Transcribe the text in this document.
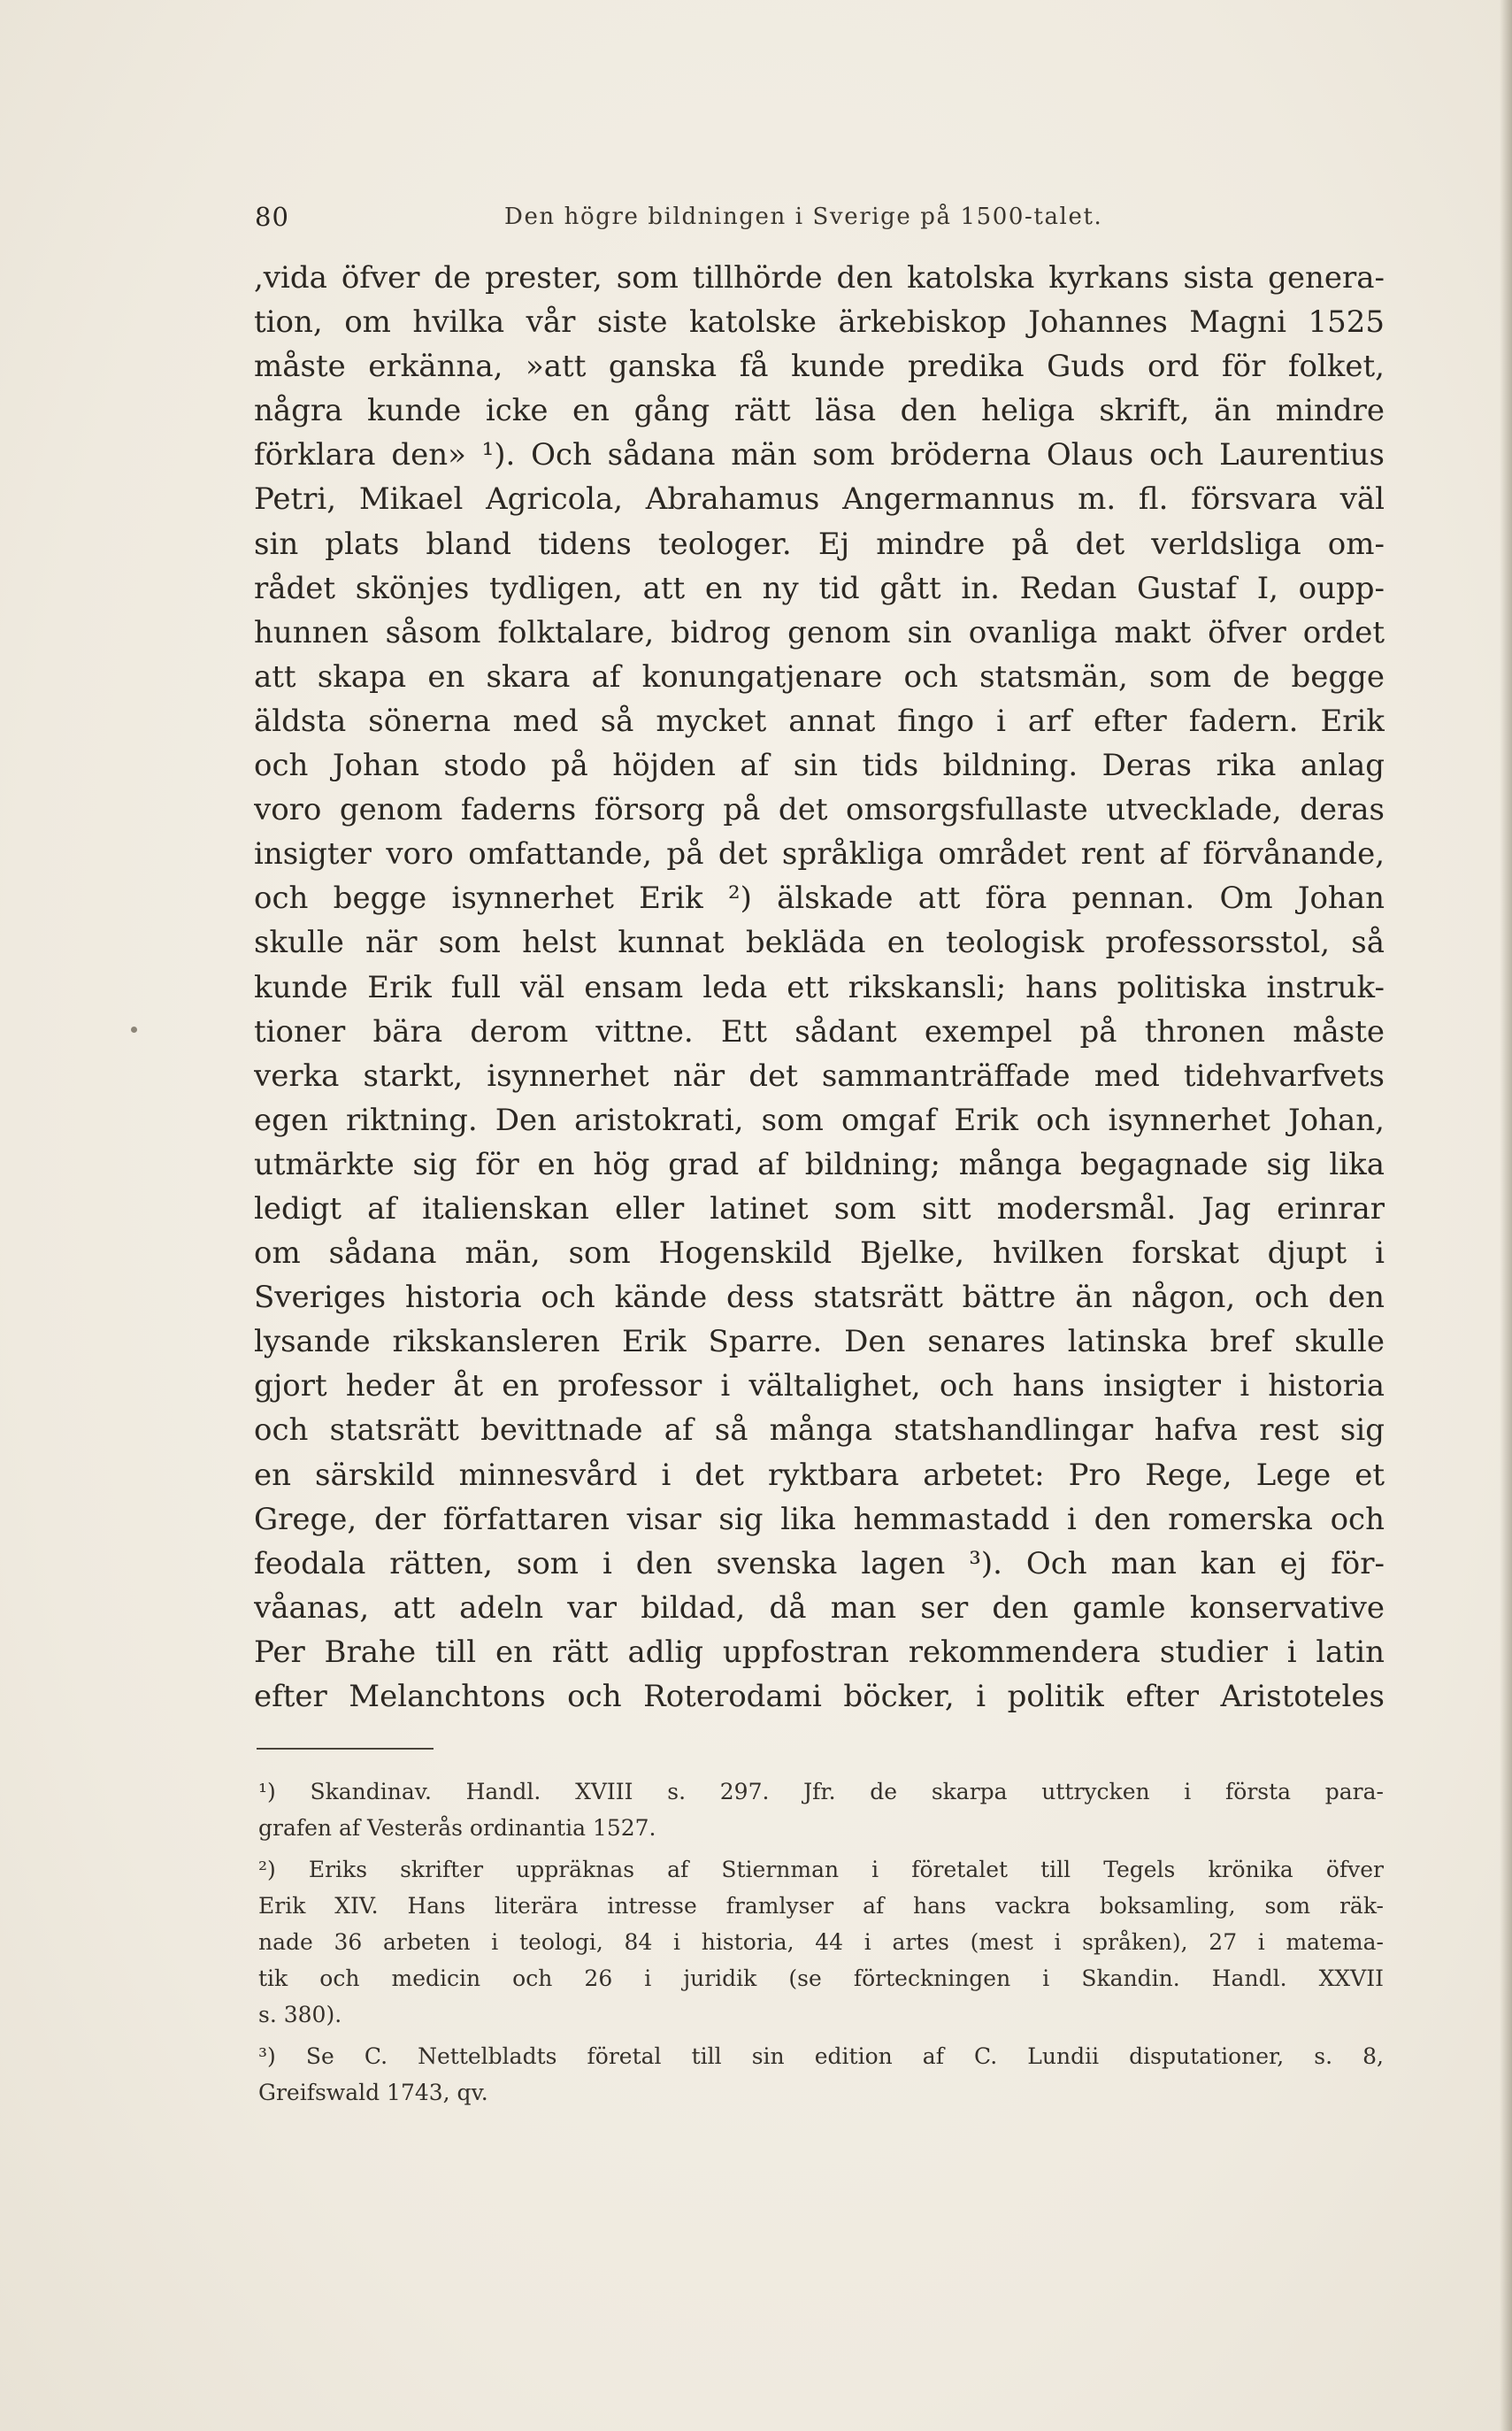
80	Den högre bildningen i Sverige på 1500-talet.
,vida öfver de prester, som tillhörde den katolska kyrkans sista genera-
tion, om hvilka vår siste katolske ärkebiskop Johannes Magni 1525
måste erkänna, »att ganska få kunde predika Guds ord för folket,
några kunde icke en gång rätt läsa den heliga skrift, än mindre
förklara den» ¹). Och sådana män som bröderna Olaus och Laurentius
Petri, Mikael Agricola, Abrahamus Angermannus m. fl. försvara väl
sin plats bland tidens teologer. Ej mindre på det verldsliga om-
rådet skönjes tydligen, att en ny tid gått in. Redan Gustaf I, oupp-
hunnen såsom folktalare, bidrog genom sin ovanliga makt öfver ordet
att skapa en skara af konungatjenare och statsmän, som de begge
äldsta sönerna med så mycket annat fingo i arf efter fadern. Erik
och Johan stodo på höjden af sin tids bildning. Deras rika anlag
voro genom faderns försorg på det omsorgsfullaste utvecklade, deras
insigter voro omfattande, på det språkliga området rent af förvånande,
och begge isynnerhet Erik ²) älskade att föra pennan. Om Johan
skulle när som helst kunnat bekläda en teologisk professorsstol, så
kunde Erik full väl ensam leda ett rikskansli; hans politiska instruk-
tioner bära derom vittne. Ett sådant exempel på thronen måste
verka starkt, isynnerhet när det sammanträffade med tidehvarfvets
egen riktning. Den aristokrati, som omgaf Erik och isynnerhet Johan,
utmärkte sig för en hög grad af bildning; många begagnade sig lika
ledigt af italienskan eller latinet som sitt modersmål. Jag erinrar
om sådana män, som Hogenskild Bjelke, hvilken forskat djupt i
Sveriges historia och kände dess statsrätt bättre än någon, och den
lysande rikskansleren Erik Sparre. Den senares latinska bref skulle
gjort heder åt en professor i vältalighet, och hans insigter i historia
och statsrätt bevittnade af så många statshandlingar hafva rest sig
en särskild minnesvård i det ryktbara arbetet: Pro Rege, Lege et
Grege, der författaren visar sig lika hemmastadd i den romerska och
feodala rätten, som i den svenska lagen ³). Och man kan ej för-
våanas, att adeln var bildad, då man ser den gamle konservative
Per Brahe till en rätt adlig uppfostran rekommendera studier i latin
efter Melanchtons och Roterodami böcker, i politik efter Aristoteles
¹) Skandinav. Handl. XVIII s. 297. Jfr. de skarpa uttrycken i första para-
grafen af Vesterås ordinantia 1527.
²) Eriks skrifter uppräknas af Stiernman i företalet till Tegels krönika öfver
Erik XIV. Hans literära intresse framlyser af hans vackra boksamling, som räk-
nade 36 arbeten i teologi, 84 i historia, 44 i artes (mest i språken), 27 i matema-
tik och medicin och 26 i juridik (se förteckningen i Skandin. Handl. XXVII
s. 380).
³) Se C. Nettelbladts företal till sin edition af C. Lundii disputationer, s. 8,
Greifswald 1743, qv.
